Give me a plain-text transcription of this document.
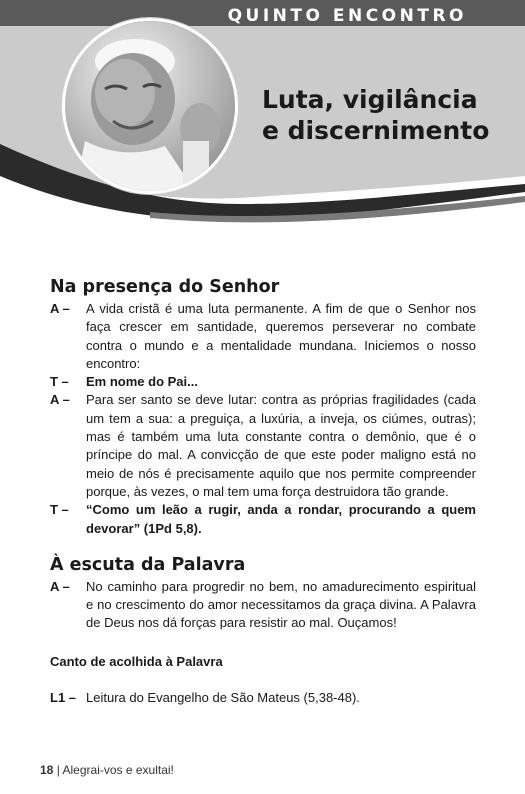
QUINTO ENCONTRO
Luta, vigilância
e discernimento
Na presença do Senhor
A – A vida cristã é uma luta permanente. A fim de que o Senhor nos faça crescer em santidade, queremos perseverar no combate contra o mundo e a mentalidade mundana. Iniciemos o nosso encontro:
T – Em nome do Pai...
A – Para ser santo se deve lutar: contra as próprias fragilidades (cada um tem a sua: a preguiça, a luxúria, a inveja, os ciúmes, outras); mas é também uma luta constante contra o demônio, que é o príncipe do mal. A convicção de que este poder maligno está no meio de nós é precisamente aquilo que nos permite compreender porque, às vezes, o mal tem uma força destruidora tão grande.
T – “Como um leão a rugir, anda a rondar, procurando a quem devorar” (1Pd 5,8).
À escuta da Palavra
A – No caminho para progredir no bem, no amadurecimento espiritual e no crescimento do amor necessitamos da graça divina. A Palavra de Deus nos dá forças para resistir ao mal. Ouçamos!
Canto de acolhida à Palavra
L1 – Leitura do Evangelho de São Mateus (5,38-48).
18 | Alegrai-vos e exultai!
